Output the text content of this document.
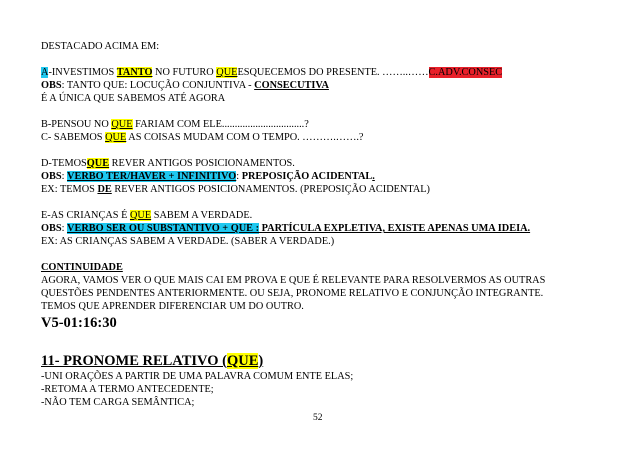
DESTACADO ACIMA EM:
A-INVESTIMOS TANTO NO FUTURO QUEESQUECEMOS DO PRESENTE. ……..……C.ADV.CONSEC
OBS: TANTO QUE: LOCUÇÃO CONJUNTIVA - CONSECUTIVA
É A ÚNICA QUE SABEMOS ATÉ AGORA
B-PENSOU NO QUE FARIAM COM ELE................................?
C- SABEMOS QUE AS COISAS MUDAM COM O TEMPO. ……….…….?
D-TEMOSQUE REVER ANTIGOS POSICIONAMENTOS.
OBS: VERBO TER/HAVER + INFINITIVO: PREPOSIÇÃO ACIDENTAL.
EX: TEMOS DE REVER ANTIGOS POSICIONAMENTOS. (PREPOSIÇÃO ACIDENTAL)
E-AS CRIANÇAS É QUE SABEM A VERDADE.
OBS: VERBO SER OU SUBSTANTIVO + QUE : PARTÍCULA EXPLETIVA, EXISTE APENAS UMA IDEIA.
EX: AS CRIANÇAS SABEM A VERDADE. (SABER A VERDADE.)
CONTINUIDADE
AGORA, VAMOS VER O QUE MAIS CAI EM PROVA E QUE É RELEVANTE PARA RESOLVERMOS AS OUTRAS
QUESTÕES PENDENTES ANTERIORMENTE. OU SEJA, PRONOME RELATIVO E CONJUNÇÃO INTEGRANTE.
TEMOS QUE APRENDER DIFERENCIAR UM DO OUTRO.
V5-01:16:30
11- PRONOME RELATIVO (QUE)
-UNI ORAÇÕES A PARTIR DE UMA PALAVRA COMUM ENTE ELAS;
-RETOMA A TERMO ANTECEDENTE;
-NÃO TEM CARGA SEMÂNTICA;
52
